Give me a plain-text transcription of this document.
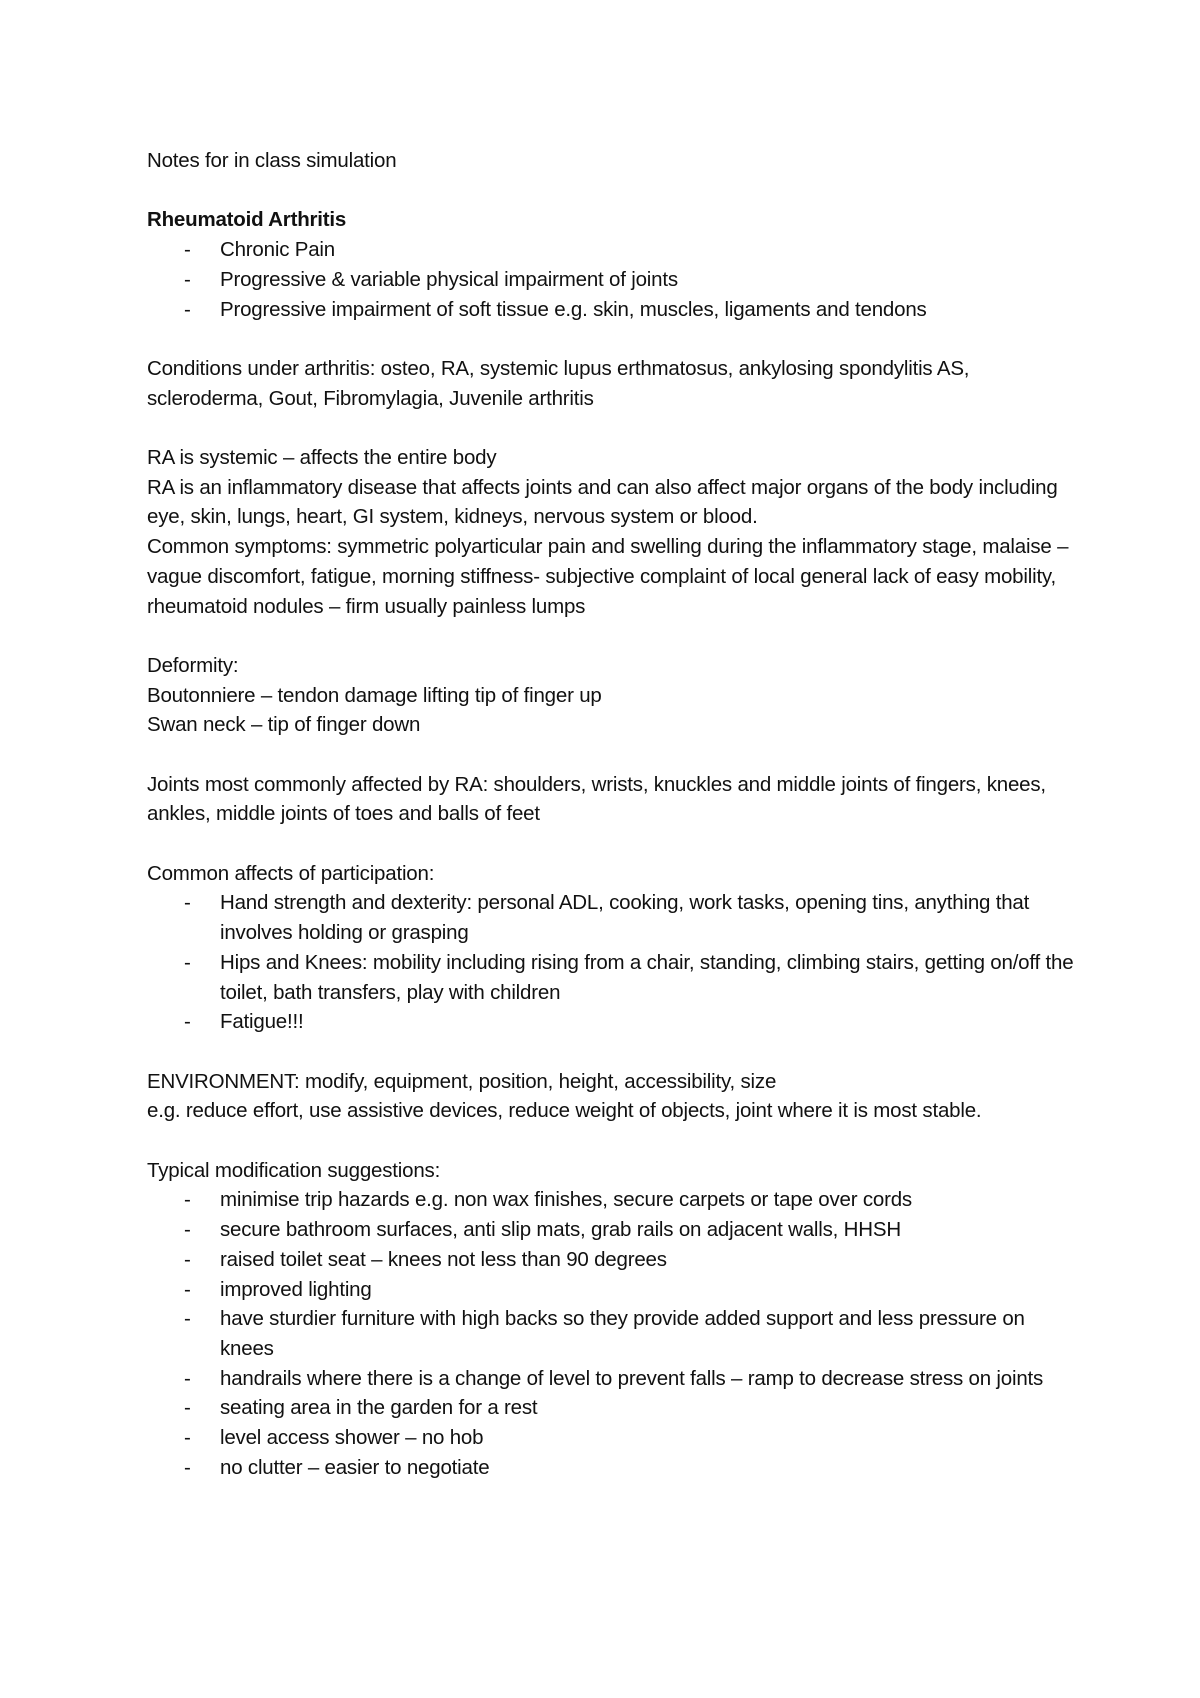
Notes for in class simulation

Rheumatoid Arthritis

- Chronic Pain
- Progressive & variable physical impairment of joints
- Progressive impairment of soft tissue e.g. skin, muscles, ligaments and tendons

Conditions under arthritis: osteo, RA, systemic lupus erthmatosus, ankylosing spondylitis AS, scleroderma, Gout, Fibromylagia, Juvenile arthritis

RA is systemic – affects the entire body

RA is an inflammatory disease that affects joints and can also affect major organs of the body including eye, skin, lungs, heart, GI system, kidneys, nervous system or blood.

Common symptoms: symmetric polyarticular pain and swelling during the inflammatory stage, malaise – vague discomfort, fatigue, morning stiffness- subjective complaint of local general lack of easy mobility, rheumatoid nodules – firm usually painless lumps

Deformity:

Boutonniere – tendon damage lifting tip of finger up

Swan neck – tip of finger down

Joints most commonly affected by RA: shoulders, wrists, knuckles and middle joints of fingers, knees, ankles, middle joints of toes and balls of feet

Common affects of participation:

- Hand strength and dexterity: personal ADL, cooking, work tasks, opening tins, anything that involves holding or grasping
- Hips and Knees: mobility including rising from a chair, standing, climbing stairs, getting on/off the toilet, bath transfers, play with children
- Fatigue!!!

ENVIRONMENT: modify, equipment, position, height, accessibility, size

e.g. reduce effort, use assistive devices, reduce weight of objects, joint where it is most stable.

Typical modification suggestions:

- minimise trip hazards e.g. non wax finishes, secure carpets or tape over cords
- secure bathroom surfaces, anti slip mats, grab rails on adjacent walls, HHSH
- raised toilet seat – knees not less than 90 degrees
- improved lighting
- have sturdier furniture with high backs so they provide added support and less pressure on knees
- handrails where there is a change of level to prevent falls – ramp to decrease stress on joints
- seating area in the garden for a rest
- level access shower – no hob
- no clutter – easier to negotiate
